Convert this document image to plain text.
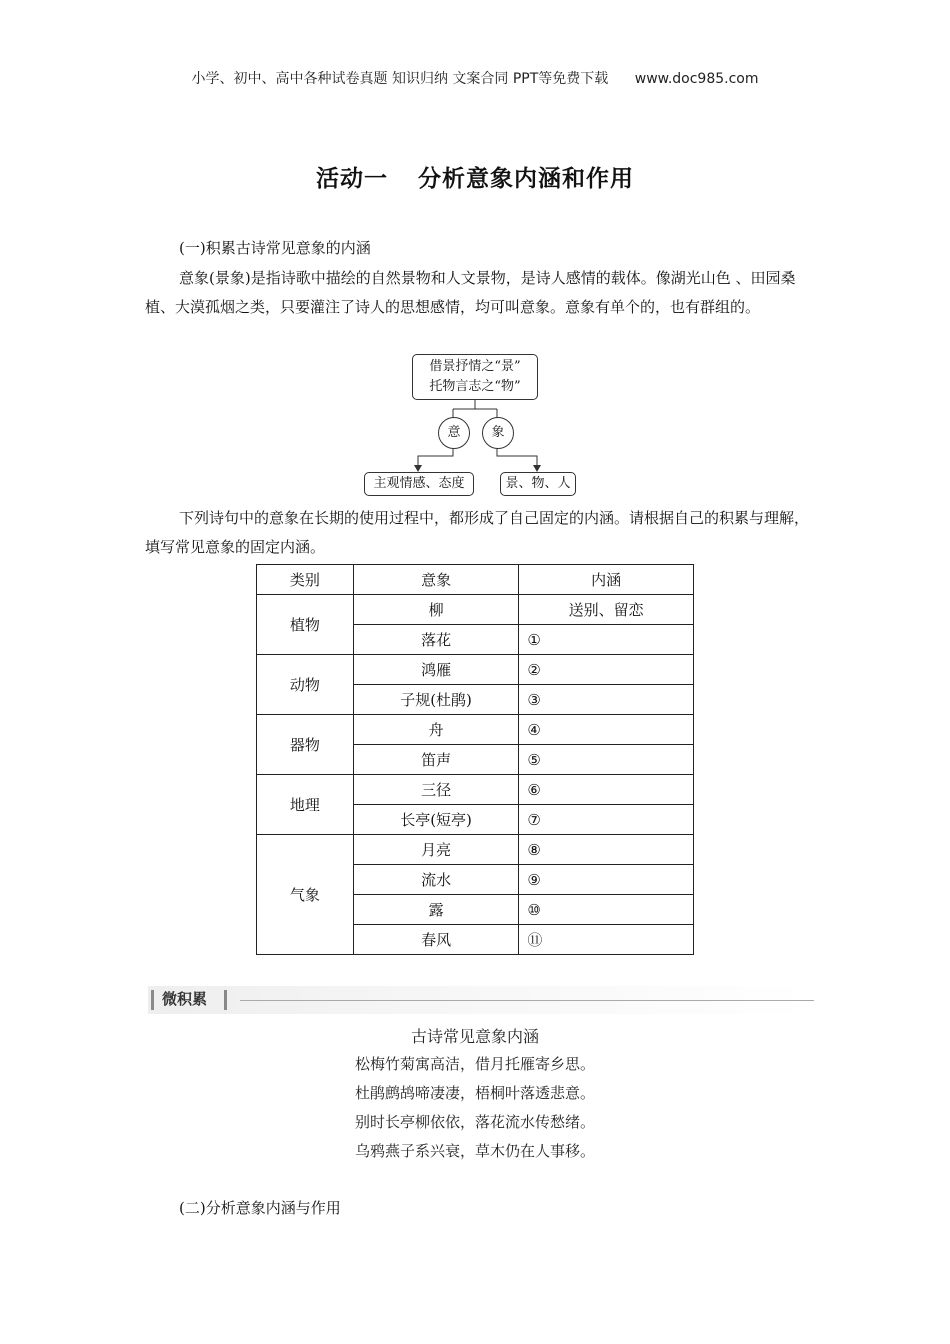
小学、初中、高中各种试卷真题 知识归纳 文案合同 PPT等免费下载 www.doc985.com
活动一 分析意象内涵和作用
(一)积累古诗常见意象的内涵
意象(景象)是指诗歌中描绘的自然景物和人文景物，是诗人感情的载体。像湖光山色 、田园桑植、大漠孤烟之类，只要灌注了诗人的思想感情，均可叫意象。意象有单个的，也有群组的。
借景抒情之“景”
托物言志之“物”
意	象
主观情感、态度	景、物、人
下列诗句中的意象在长期的使用过程中，都形成了自己固定的内涵。请根据自己的积累与理解，填写常见意象的固定内涵。
类别	意象	内涵
植物	柳	送别、留恋
	落花	①
动物	鸿雁	②
	子规(杜鹃)	③
器物	舟	④
	笛声	⑤
地理	三径	⑥
	长亭(短亭)	⑦
气象	月亮	⑧
	流水	⑨
	露	⑩
	春风	⑪
微积累
古诗常见意象内涵
松梅竹菊寓高洁，借月托雁寄乡思。
杜鹃鹧鸪啼凄凄，梧桐叶落透悲意。
别时长亭柳依依，落花流水传愁绪。
乌鸦燕子系兴衰，草木仍在人事移。
(二)分析意象内涵与作用
